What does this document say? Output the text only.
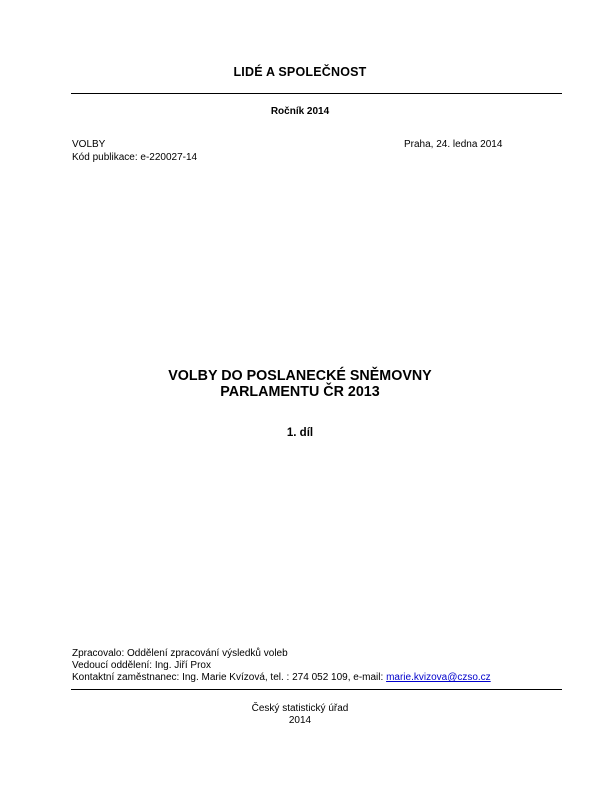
LIDÉ A SPOLEČNOST
Ročník 2014
VOLBY
Kód publikace: e-220027-14
Praha, 24. ledna 2014
VOLBY DO POSLANECKÉ SNĚMOVNY
PARLAMENTU ČR 2013
1. díl
Zpracovalo: Oddělení zpracování výsledků voleb
Vedoucí oddělení: Ing. Jiří Prox
Kontaktní zaměstnanec: Ing. Marie Kvízová, tel. : 274 052 109, e-mail: marie.kvizova@czso.cz
Český statistický úřad
2014
